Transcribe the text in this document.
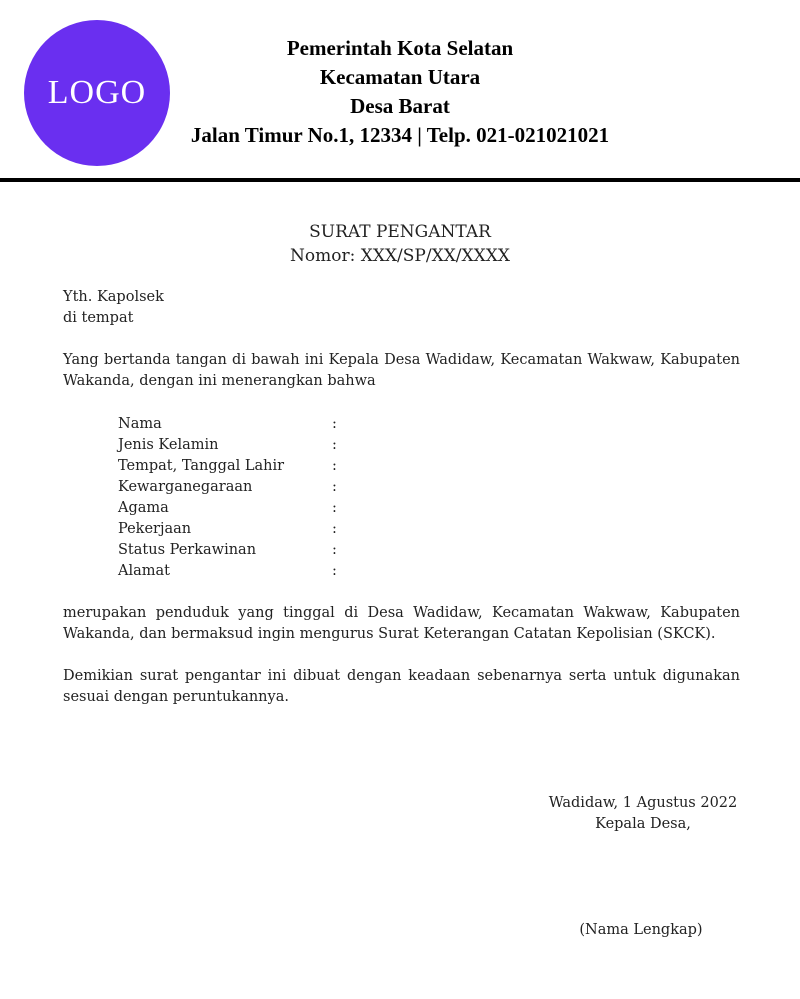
LOGO
Pemerintah Kota Selatan
Kecamatan Utara
Desa Barat
Jalan Timur No.1, 12334 | Telp. 021-021021021
SURAT PENGANTAR
Nomor: XXX/SP/XX/XXXX
Yth. Kapolsek
di tempat
Yang bertanda tangan di bawah ini Kepala Desa Wadidaw, Kecamatan Wakwaw, Kabupaten Wakanda, dengan ini menerangkan bahwa
Nama	:
Jenis Kelamin	:
Tempat, Tanggal Lahir	:
Kewarganegaraan	:
Agama	:
Pekerjaan	:
Status Perkawinan	:
Alamat	:
merupakan penduduk yang tinggal di Desa Wadidaw, Kecamatan Wakwaw, Kabupaten Wakanda, dan bermaksud ingin mengurus Surat Keterangan Catatan Kepolisian (SKCK).
Demikian surat pengantar ini dibuat dengan keadaan sebenarnya serta untuk digunakan sesuai dengan peruntukannya.
Wadidaw, 1 Agustus 2022
Kepala Desa,
(Nama Lengkap)
